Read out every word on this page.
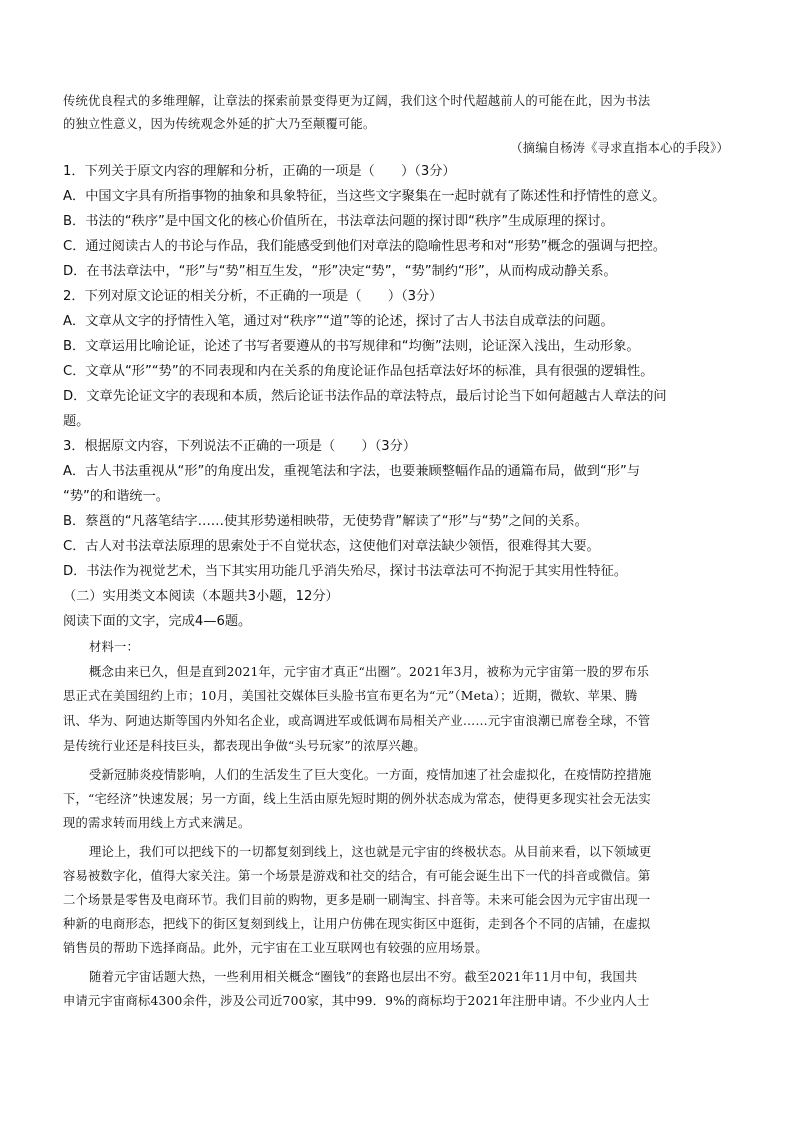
传统优良程式的多维理解，让章法的探索前景变得更为辽阔，我们这个时代超越前人的可能在此，因为书法
的独立性意义，因为传统观念外延的扩大乃至颠覆可能。
（摘编自杨涛《寻求直指本心的手段》）
1．下列关于原文内容的理解和分析，正确的一项是（　　）（3分）
A．中国文字具有所指事物的抽象和具象特征，当这些文字聚集在一起时就有了陈述性和抒情性的意义。
B．书法的“秩序”是中国文化的核心价值所在，书法章法问题的探讨即“秩序”生成原理的探讨。
C．通过阅读古人的书论与作品，我们能感受到他们对章法的隐喻性思考和对“形势”概念的强调与把控。
D．在书法章法中，“形”与“势”相互生发，“形”决定“势”，“势”制约“形”，从而构成动静关系。
2．下列对原文论证的相关分析，不正确的一项是（　　）（3分）
A．文章从文字的抒情性入笔，通过对“秩序”“道”等的论述，探讨了古人书法自成章法的问题。
B．文章运用比喻论证，论述了书写者要遵从的书写规律和“均衡”法则，论证深入浅出，生动形象。
C．文章从“形”“势”的不同表现和内在关系的角度论证作品包括章法好坏的标准，具有很强的逻辑性。
D．文章先论证文字的表现和本质，然后论证书法作品的章法特点，最后讨论当下如何超越古人章法的问
题。
3．根据原文内容，下列说法不正确的一项是（　　）（3分）
A．古人书法重视从“形”的角度出发，重视笔法和字法，也要兼顾整幅作品的通篇布局，做到“形”与
“势”的和谐统一。
B．蔡邕的“凡落笔结字……使其形势递相映带，无使势背”解读了“形”与“势”之间的关系。
C．古人对书法章法原理的思索处于不自觉状态，这使他们对章法缺少领悟，很难得其大要。
D．书法作为视觉艺术，当下其实用功能几乎消失殆尽，探讨书法章法可不拘泥于其实用性特征。
（二）实用类文本阅读（本题共3小题，12分）
阅读下面的文字，完成4—6题。
材料一：
概念由来已久，但是直到2021年，元宇宙才真正“出圈”。2021年3月，被称为元宇宙第一股的罗布乐
思正式在美国纽约上市；10月，美国社交媒体巨头脸书宣布更名为“元”（Meta）；近期，微软、苹果、腾
讯、华为、阿迪达斯等国内外知名企业，或高调进军或低调布局相关产业……元宇宙浪潮已席卷全球，不管
是传统行业还是科技巨头，都表现出争做“头号玩家”的浓厚兴趣。
受新冠肺炎疫情影响，人们的生活发生了巨大变化。一方面，疫情加速了社会虚拟化，在疫情防控措施
下，“宅经济”快速发展；另一方面，线上生活由原先短时期的例外状态成为常态，使得更多现实社会无法实
现的需求转而用线上方式来满足。
理论上，我们可以把线下的一切都复刻到线上，这也就是元宇宙的终极状态。从目前来看，以下领域更
容易被数字化，值得大家关注。第一个场景是游戏和社交的结合，有可能会诞生出下一代的抖音或微信。第
二个场景是零售及电商环节。我们目前的购物，更多是刷一刷淘宝、抖音等。未来可能会因为元宇宙出现一
种新的电商形态，把线下的街区复刻到线上，让用户仿佛在现实街区中逛街，走到各个不同的店铺，在虚拟
销售员的帮助下选择商品。此外，元宇宙在工业互联网也有较强的应用场景。
随着元宇宙话题大热，一些利用相关概念“圈钱”的套路也层出不穷。截至2021年11月中旬，我国共
申请元宇宙商标4300余件，涉及公司近700家，其中99．9%的商标均于2021年注册申请。不少业内人士
